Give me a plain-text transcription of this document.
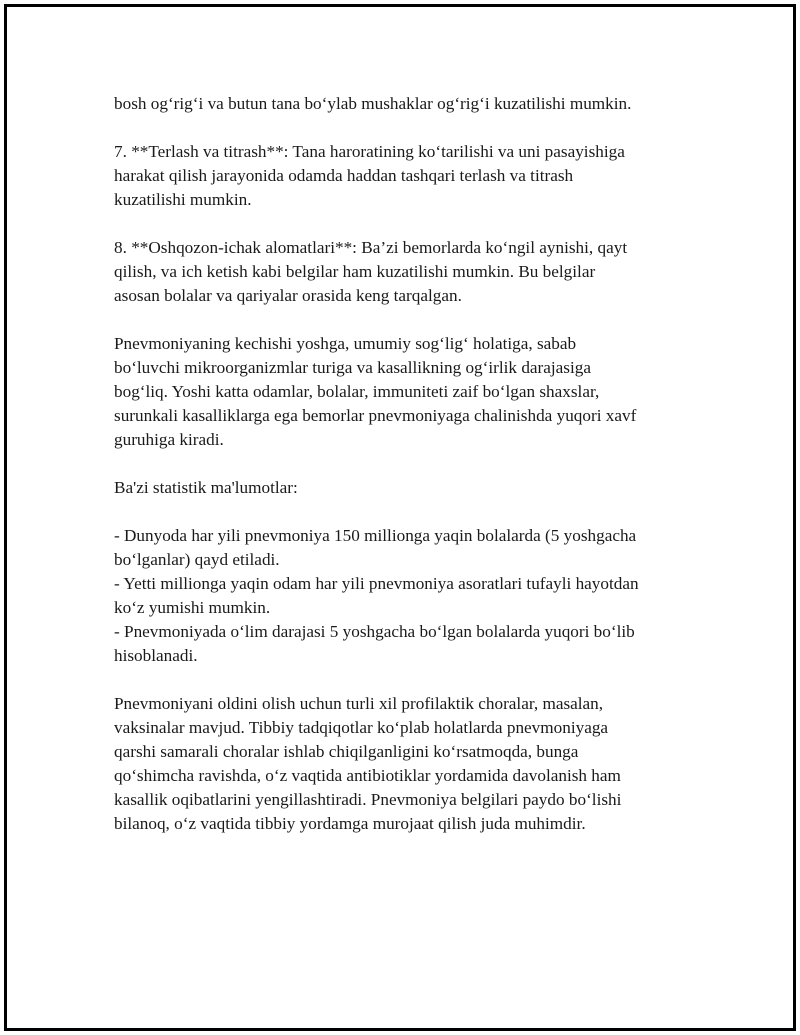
bosh og‘rig‘i va butun tana bo‘ylab mushaklar og‘rig‘i kuzatilishi mumkin.

7. **Terlash va titrash**: Tana haroratining ko‘tarilishi va uni pasayishiga
harakat qilish jarayonida odamda haddan tashqari terlash va titrash
kuzatilishi mumkin.

8. **Oshqozon-ichak alomatlari**: Ba’zi bemorlarda ko‘ngil aynishi, qayt
qilish, va ich ketish kabi belgilar ham kuzatilishi mumkin. Bu belgilar
asosan bolalar va qariyalar orasida keng tarqalgan.

Pnevmoniyaning kechishi yoshga, umumiy sog‘lig‘ holatiga, sabab
bo‘luvchi mikroorganizmlar turiga va kasallikning og‘irlik darajasiga
bog‘liq. Yoshi katta odamlar, bolalar, immuniteti zaif bo‘lgan shaxslar,
surunkali kasalliklarga ega bemorlar pnevmoniyaga chalinishda yuqori xavf
guruhiga kiradi.

Ba'zi statistik ma'lumotlar:

- Dunyoda har yili pnevmoniya 150 millionga yaqin bolalarda (5 yoshgacha
bo‘lganlar) qayd etiladi.
- Yetti millionga yaqin odam har yili pnevmoniya asoratlari tufayli hayotdan
ko‘z yumishi mumkin.
- Pnevmoniyada o‘lim darajasi 5 yoshgacha bo‘lgan bolalarda yuqori bo‘lib
hisoblanadi.

Pnevmoniyani oldini olish uchun turli xil profilaktik choralar, masalan,
vaksinalar mavjud. Tibbiy tadqiqotlar ko‘plab holatlarda pnevmoniyaga
qarshi samarali choralar ishlab chiqilganligini ko‘rsatmoqda, bunga
qo‘shimcha ravishda, o‘z vaqtida antibiotiklar yordamida davolanish ham
kasallik oqibatlarini yengillashtiradi. Pnevmoniya belgilari paydo bo‘lishi
bilanoq, o‘z vaqtida tibbiy yordamga murojaat qilish juda muhimdir.
